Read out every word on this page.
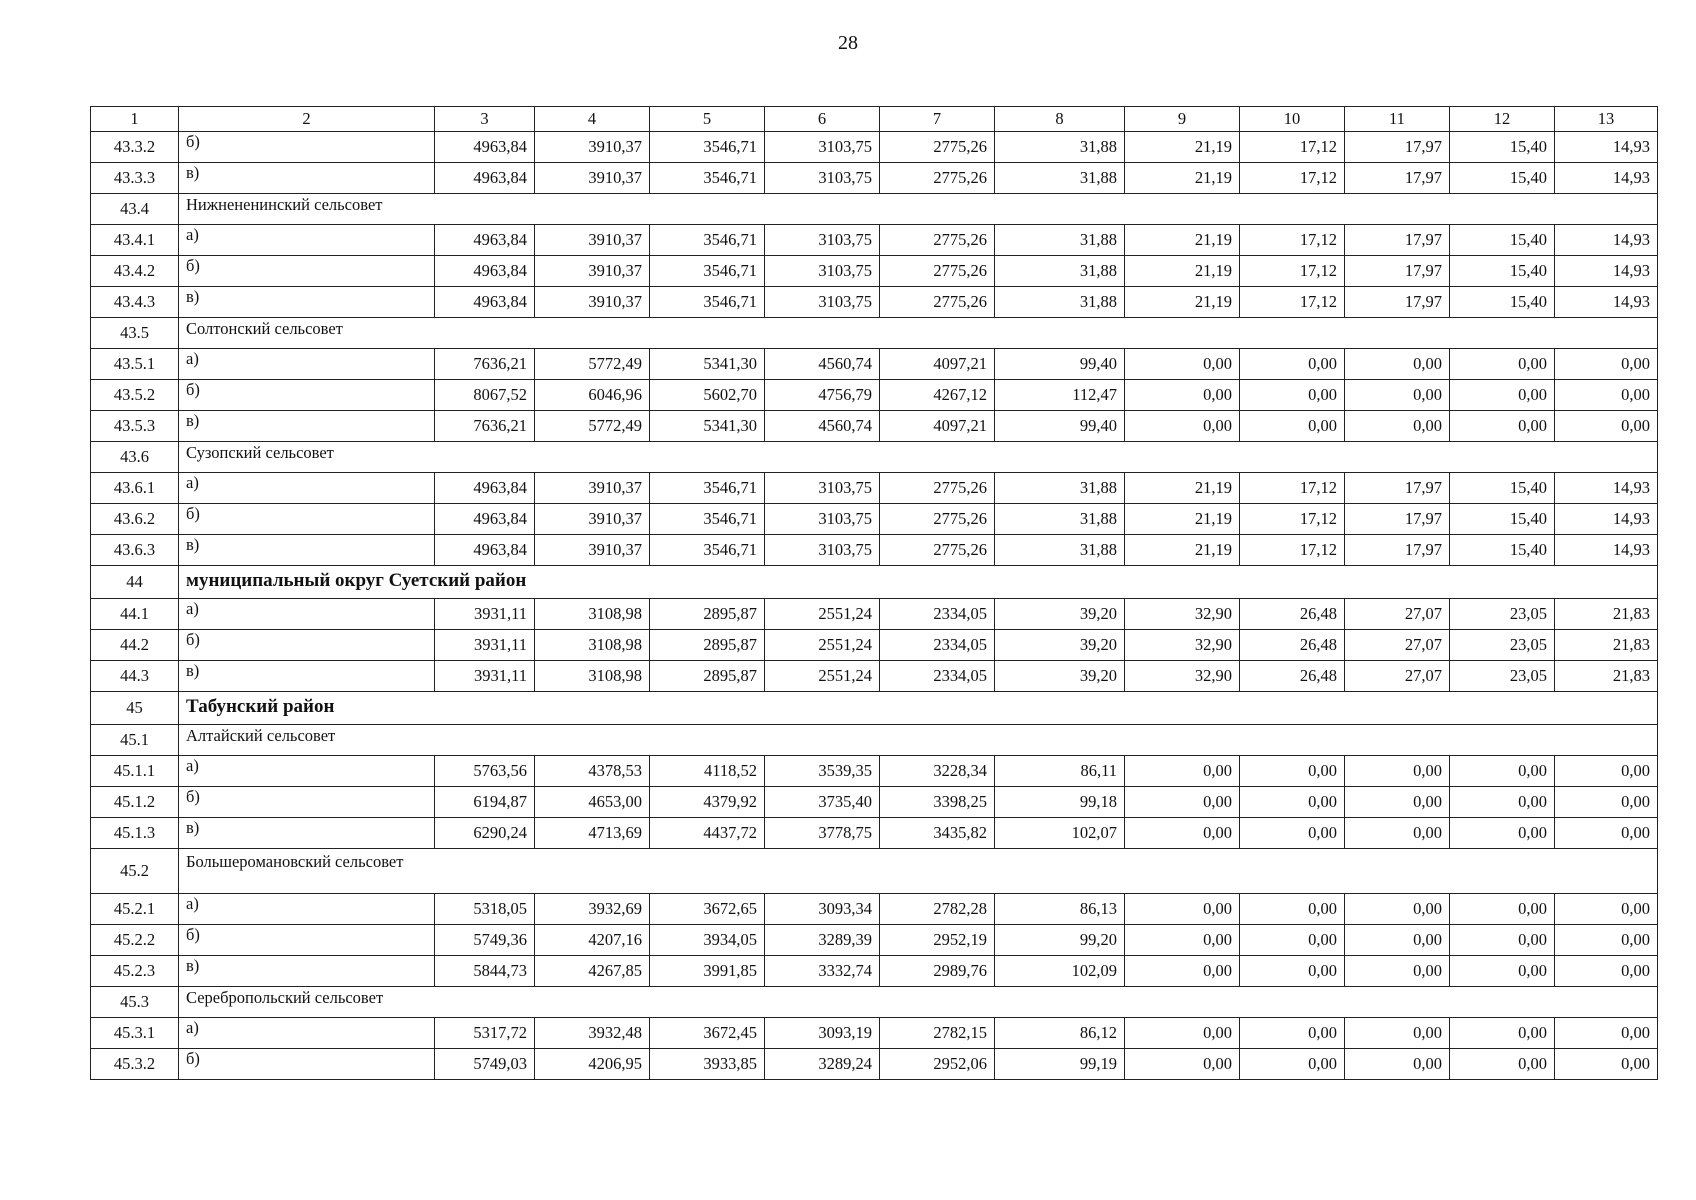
28
1	2	3	4	5	6	7	8	9	10	11	12	13
43.3.2	б)	4963,84	3910,37	3546,71	3103,75	2775,26	31,88	21,19	17,12	17,97	15,40	14,93
43.3.3	в)	4963,84	3910,37	3546,71	3103,75	2775,26	31,88	21,19	17,12	17,97	15,40	14,93
43.4	Нижнененинский сельсовет											
43.4.1	а)	4963,84	3910,37	3546,71	3103,75	2775,26	31,88	21,19	17,12	17,97	15,40	14,93
43.4.2	б)	4963,84	3910,37	3546,71	3103,75	2775,26	31,88	21,19	17,12	17,97	15,40	14,93
43.4.3	в)	4963,84	3910,37	3546,71	3103,75	2775,26	31,88	21,19	17,12	17,97	15,40	14,93
43.5	Солтонский сельсовет											
43.5.1	а)	7636,21	5772,49	5341,30	4560,74	4097,21	99,40	0,00	0,00	0,00	0,00	0,00
43.5.2	б)	8067,52	6046,96	5602,70	4756,79	4267,12	112,47	0,00	0,00	0,00	0,00	0,00
43.5.3	в)	7636,21	5772,49	5341,30	4560,74	4097,21	99,40	0,00	0,00	0,00	0,00	0,00
43.6	Сузопский сельсовет											
43.6.1	а)	4963,84	3910,37	3546,71	3103,75	2775,26	31,88	21,19	17,12	17,97	15,40	14,93
43.6.2	б)	4963,84	3910,37	3546,71	3103,75	2775,26	31,88	21,19	17,12	17,97	15,40	14,93
43.6.3	в)	4963,84	3910,37	3546,71	3103,75	2775,26	31,88	21,19	17,12	17,97	15,40	14,93
44	муниципальный округ Суетский район											
44.1	а)	3931,11	3108,98	2895,87	2551,24	2334,05	39,20	32,90	26,48	27,07	23,05	21,83
44.2	б)	3931,11	3108,98	2895,87	2551,24	2334,05	39,20	32,90	26,48	27,07	23,05	21,83
44.3	в)	3931,11	3108,98	2895,87	2551,24	2334,05	39,20	32,90	26,48	27,07	23,05	21,83
45	Табунский район											
45.1	Алтайский сельсовет											
45.1.1	а)	5763,56	4378,53	4118,52	3539,35	3228,34	86,11	0,00	0,00	0,00	0,00	0,00
45.1.2	б)	6194,87	4653,00	4379,92	3735,40	3398,25	99,18	0,00	0,00	0,00	0,00	0,00
45.1.3	в)	6290,24	4713,69	4437,72	3778,75	3435,82	102,07	0,00	0,00	0,00	0,00	0,00
45.2	Большеромановский сельсовет											
45.2.1	а)	5318,05	3932,69	3672,65	3093,34	2782,28	86,13	0,00	0,00	0,00	0,00	0,00
45.2.2	б)	5749,36	4207,16	3934,05	3289,39	2952,19	99,20	0,00	0,00	0,00	0,00	0,00
45.2.3	в)	5844,73	4267,85	3991,85	3332,74	2989,76	102,09	0,00	0,00	0,00	0,00	0,00
45.3	Серебропольский сельсовет											
45.3.1	а)	5317,72	3932,48	3672,45	3093,19	2782,15	86,12	0,00	0,00	0,00	0,00	0,00
45.3.2	б)	5749,03	4206,95	3933,85	3289,24	2952,06	99,19	0,00	0,00	0,00	0,00	0,00
